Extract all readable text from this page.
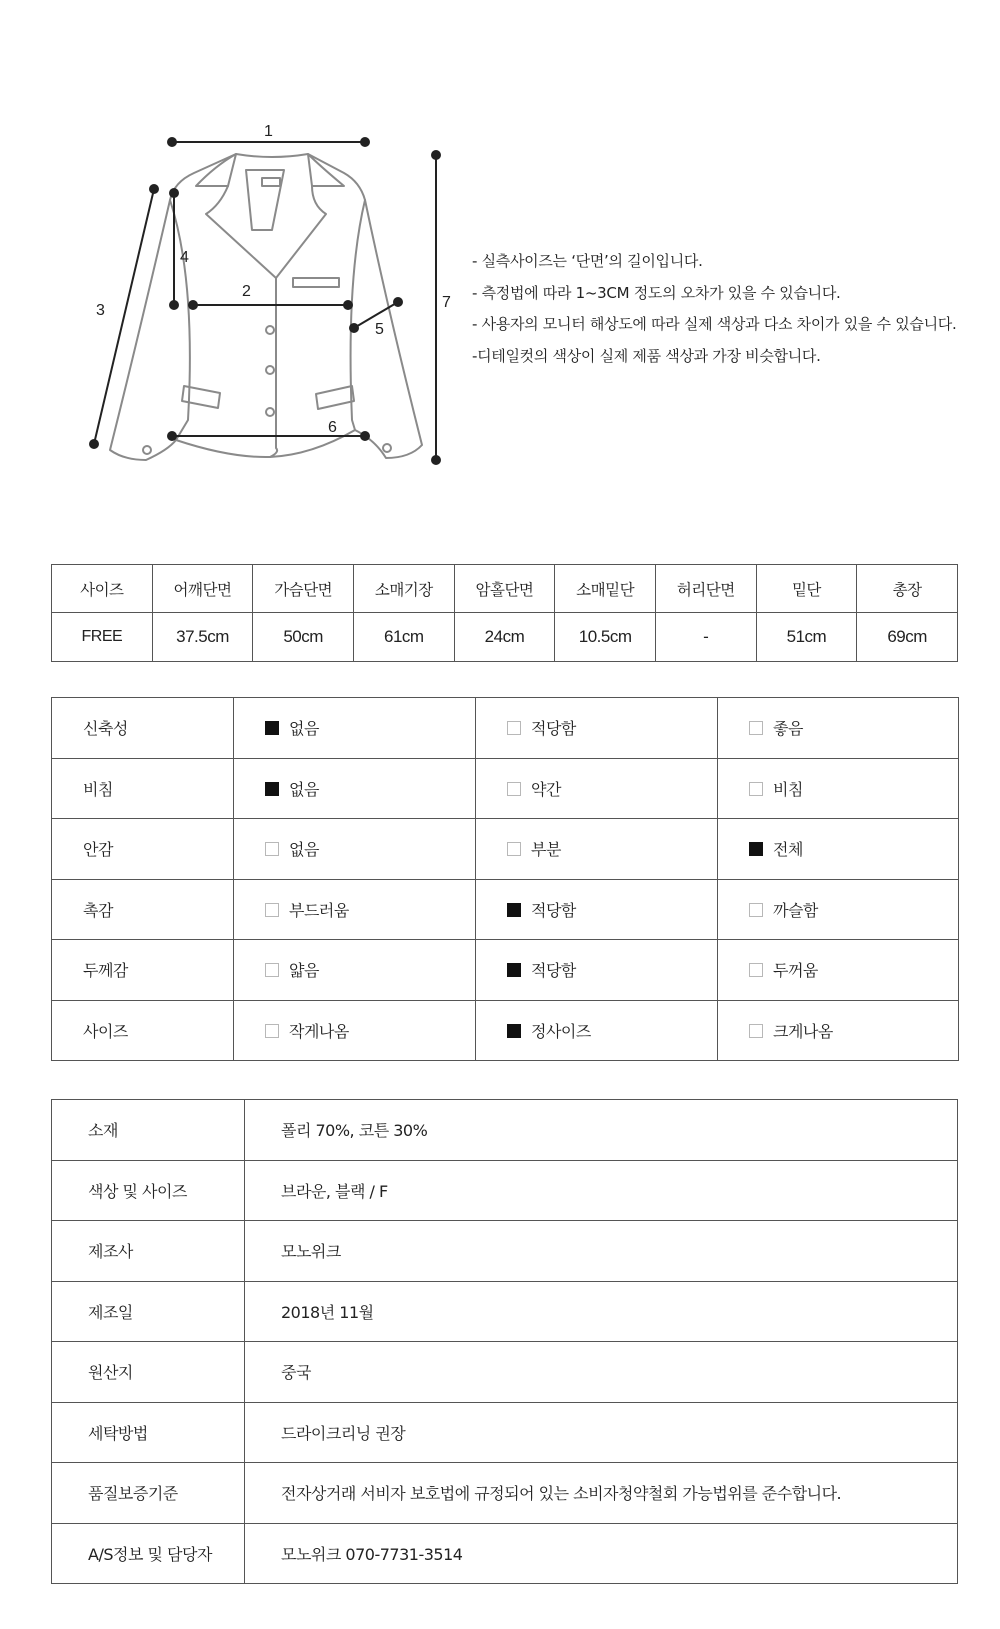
1
2
3
4
5
6
7
- 실측사이즈는 ‘단면’의 길이입니다.
- 측정법에 따라 1~3CM 정도의 오차가 있을 수 있습니다.
- 사용자의 모니터 해상도에 따라 실제 색상과 다소 차이가 있을 수 있습니다.
-디테일컷의 색상이 실제 제품 색상과 가장 비슷합니다.
사이즈	어깨단면	가슴단면	소매기장	암홀단면	소매밑단	허리단면	밑단	총장
FREE	37.5cm	50cm	61cm	24cm	10.5cm	-	51cm	69cm
신축성	없음	적당함	좋음
비침	없음	약간	비침
안감	없음	부분	전체
촉감	부드러움	적당함	까슬함
두께감	얇음	적당함	두꺼움
사이즈	작게나옴	정사이즈	크게나옴
소재	폴리 70%, 코튼 30%
색상 및 사이즈	브라운, 블랙 / F
제조사	모노위크
제조일	2018년 11월
원산지	중국
세탁방법	드라이크리닝 권장
품질보증기준	전자상거래 서비자 보호법에 규정되어 있는 소비자청약철회 가능법위를 준수합니다.
A/S정보 및 담당자	모노위크 070-7731-3514
